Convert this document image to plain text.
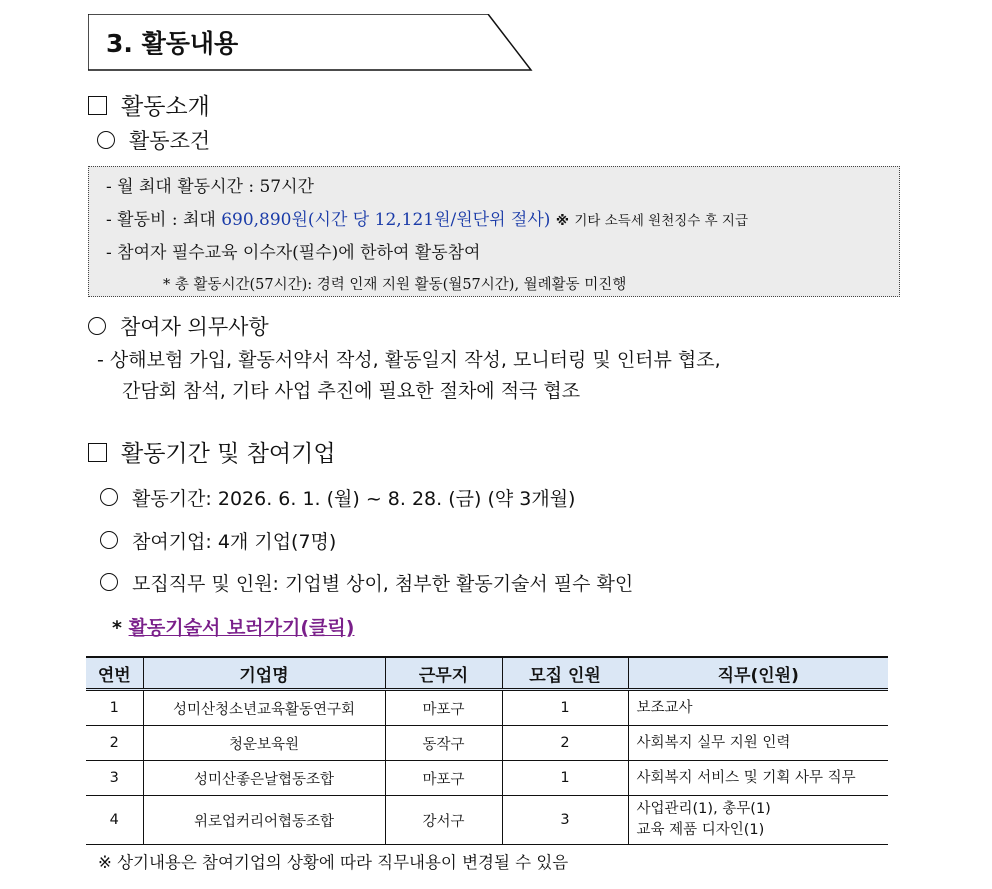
3. 활동내용
활동소개
활동조건
- 월 최대 활동시간 : 57시간
- 활동비 : 최대 690,890원(시간 당 12,121원/원단위 절사) ※ 기타 소득세 원천징수 후 지급
- 참여자 필수교육 이수자(필수)에 한하여 활동참여
* 총 활동시간(57시간): 경력 인재 지원 활동(월57시간), 월례활동 미진행
참여자 의무사항
- 상해보험 가입, 활동서약서 작성, 활동일지 작성, 모니터링 및 인터뷰 협조,
간담회 참석, 기타 사업 추진에 필요한 절차에 적극 협조
활동기간 및 참여기업
활동기간: 2026. 6. 1. (월) ~ 8. 28. (금) (약 3개월)
참여기업: 4개 기업(7명)
모집직무 및 인원: 기업별 상이, 첨부한 활동기술서 필수 확인
* 활동기술서 보러가기(클릭)
연번	기업명	근무지	모집 인원	직무(인원)
1	성미산청소년교육활동연구회	마포구	1	보조교사
2	청운보육원	동작구	2	사회복지 실무 지원 인력
3	성미산좋은날협동조합	마포구	1	사회복지 서비스 및 기획 사무 직무
4	위로업커리어협동조합	강서구	3	사업관리(1), 총무(1)
교육 제품 디자인(1)
※ 상기내용은 참여기업의 상황에 따라 직무내용이 변경될 수 있음
